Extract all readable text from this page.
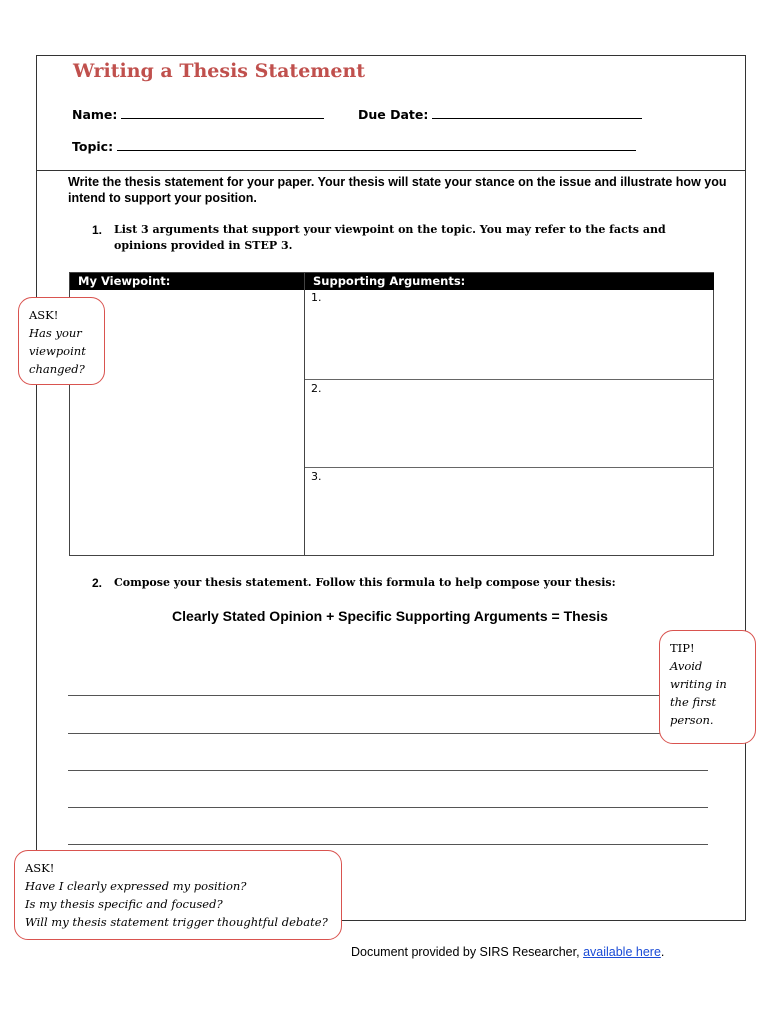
Writing a Thesis Statement
Name:	Due Date:
Topic:
Write the thesis statement for your paper. Your thesis will state your stance on the issue and illustrate how you intend to support your position.
1. List 3 arguments that support your viewpoint on the topic. You may refer to the facts and opinions provided in STEP 3.
My Viewpoint:	Supporting Arguments:
1.
2.
3.
2. Compose your thesis statement. Follow this formula to help compose your thesis:
Clearly Stated Opinion + Specific Supporting Arguments = Thesis
ASK!
Has your
viewpoint
changed?
TIP!
Avoid
writing in
the first
person.
ASK!
Have I clearly expressed my position?
Is my thesis specific and focused?
Will my thesis statement trigger thoughtful debate?
Document provided by SIRS Researcher, available here.
